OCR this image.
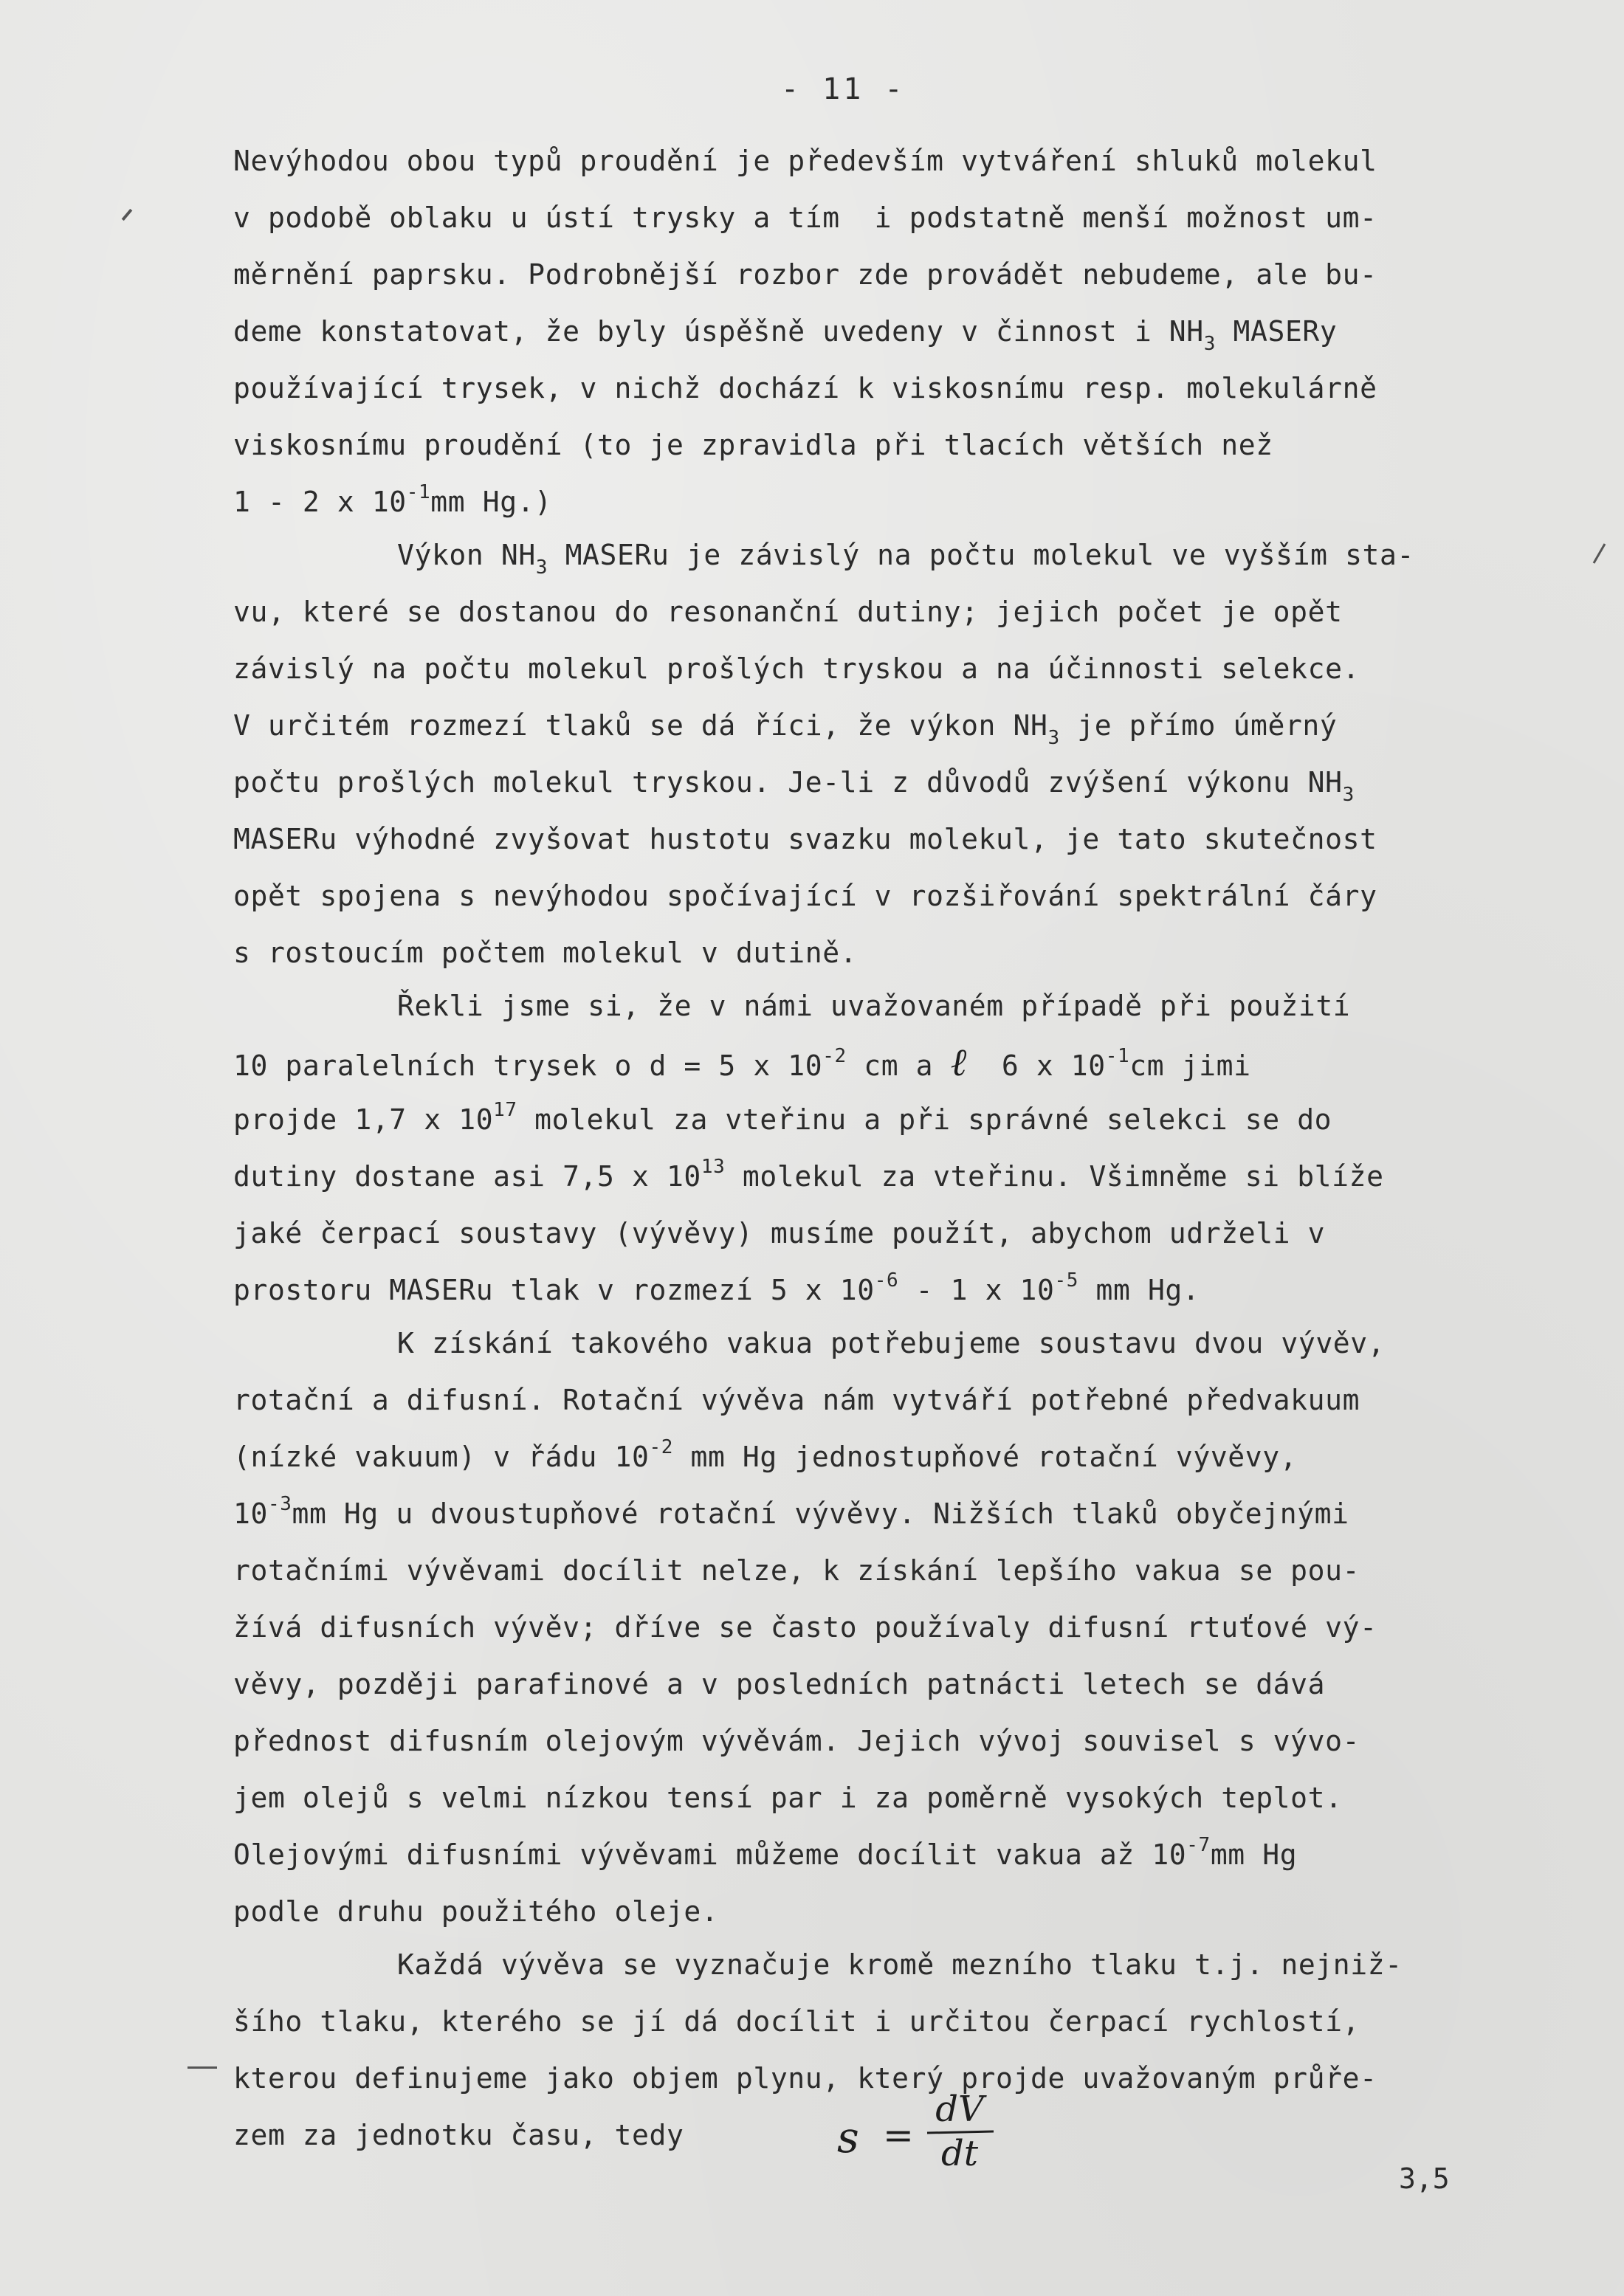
- 11 -
Nevýhodou obou typů proudění je především vytváření shluků molekul
v podobě oblaku u ústí trysky a tím  i podstatně menší možnost um-
měrnění paprsku. Podrobnější rozbor zde provádět nebudeme, ale bu-
deme konstatovat, že byly úspěšně uvedeny v činnost i $NH_3$ MASERy
používající trysek, v nichž dochází k viskosnímu resp. molekulárně
viskosnímu proudění (to je zpravidla při tlacích větších než
1 - 2 x $10^{-1}mm$ Hg.)
Výkon $NH_3$ MASERu je závislý na počtu molekul ve vyšším sta-
vu, které se dostanou do resonanční dutiny; jejich počet je opět
závislý na počtu molekul prošlých tryskou a na účinnosti selekce.
V určitém rozmezí tlaků se dá říci, že výkon $NH_3$ je přímo úměrný
počtu prošlých molekul tryskou. Je-li z důvodů zvýšení výkonu $NH_3$
MASERu výhodné zvyšovat hustotu svazku molekul, je tato skutečnost
opět spojena s nevýhodou spočívající v rozšiřování spektrální čáry
s rostoucím počtem molekul v dutině.
Řekli jsme si, že v námi uvažovaném případě při použití
10 paralelních trysek o d = 5 x $10^{-2}$ cm a ℓ  6 x $10^{-1}cm$ jimi
projde 1,7 x $10^{17}$ molekul za vteřinu a při správné selekci se do
dutiny dostane asi 7,5 x $10^{13}$ molekul za vteřinu. Všimněme si blíže
jaké čerpací soustavy (vývěvy) musíme použít, abychom udrželi v
prostoru MASERu tlak v rozmezí 5 x $10^{-6} - 1$ x $10^{-5}$ mm Hg.
K získání takového vakua potřebujeme soustavu dvou vývěv,
rotační a difusní. Rotační vývěva nám vytváří potřebné předvakuum
(nízké vakuum) v řádu $10^{-2}$ mm Hg jednostupňové rotační vývěvy,
$10^{-3}mm$ Hg u dvoustupňové rotační vývěvy. Nižších tlaků obyčejnými
rotačními vývěvami docílit nelze, k získání lepšího vakua se pou-
žívá difusních vývěv; dříve se často používaly difusní rtuťové vý-
věvy, později parafinové a v posledních patnácti letech se dává
přednost difusním olejovým vývěvám. Jejich vývoj souvisel s vývo-
jem olejů s velmi nízkou tensí par i za poměrně vysokých teplot.
Olejovými difusními vývěvami můžeme docílit vakua až $10^{-7}mm$ Hg
podle druhu použitého oleje.
Každá vývěva se vyznačuje kromě mezního tlaku t.j. nejniž-
šího tlaku, kterého se jí dá docílit i určitou čerpací rychlostí,
kterou definujeme jako objem plynu, který projde uvažovaným průře-
zem za jednotku času, tedy	s =
dV
dt
3,5
